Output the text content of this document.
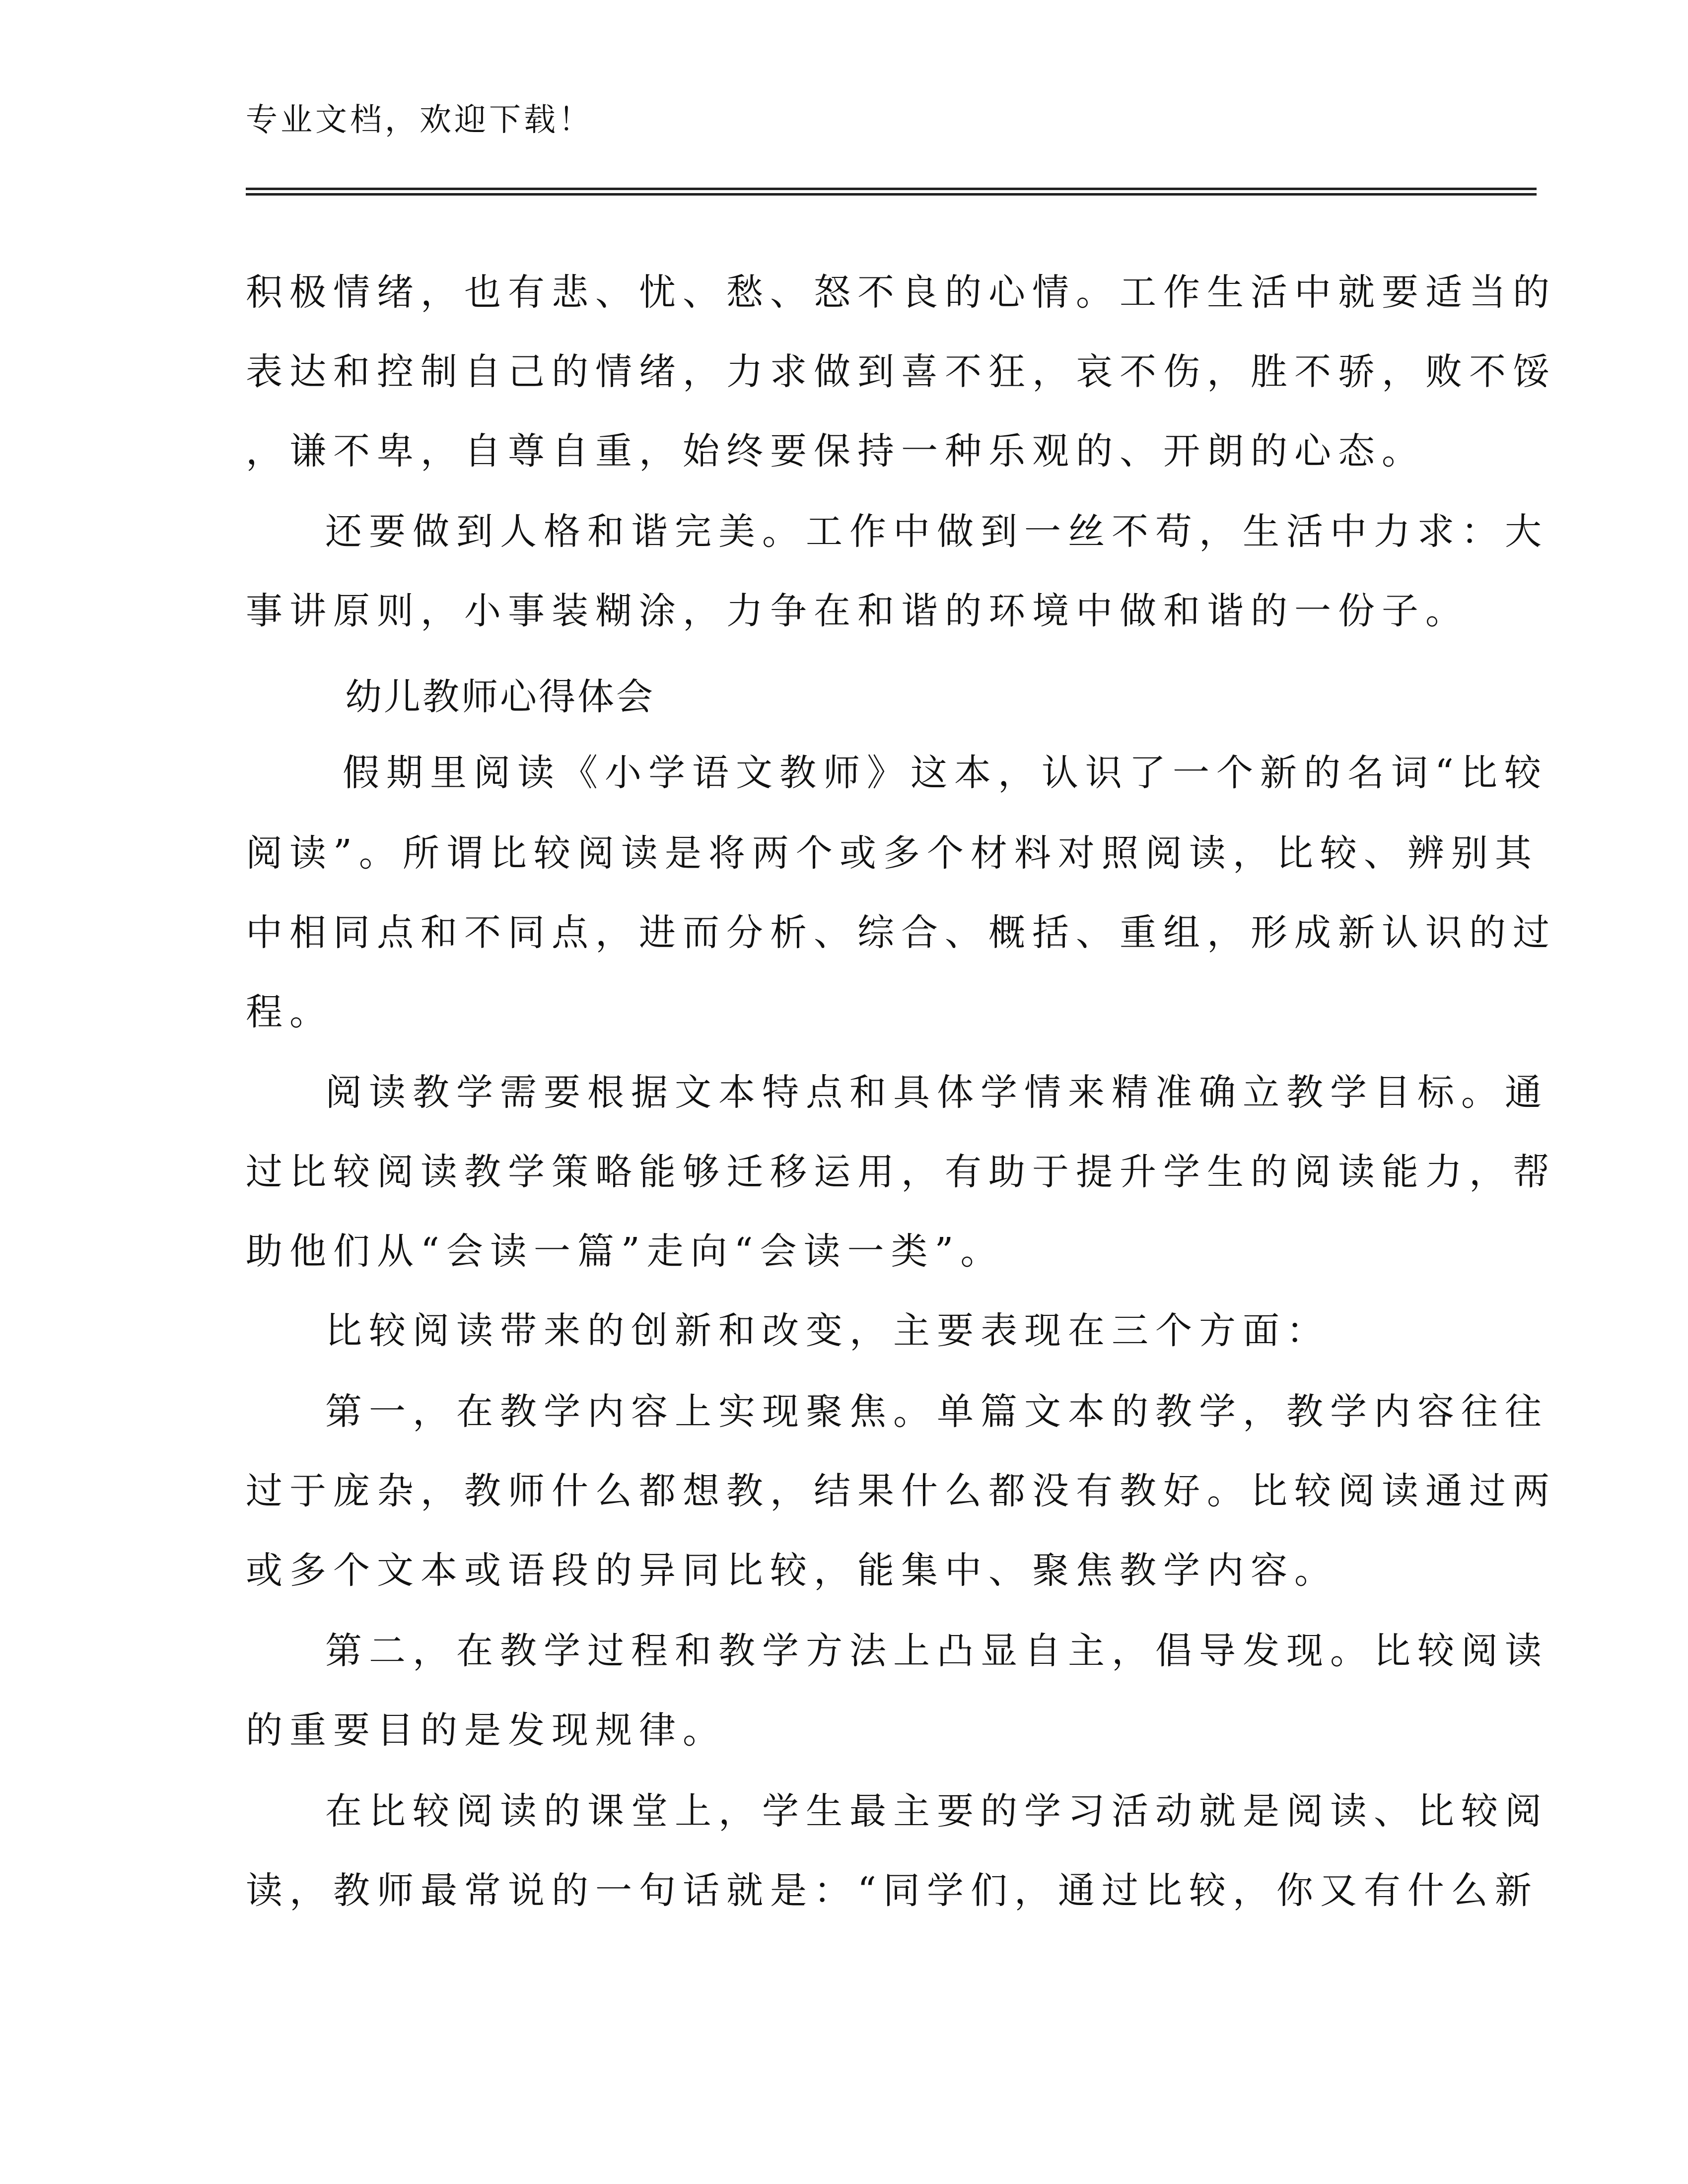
专业文档，欢迎下载！
积极情绪，也有悲、忧、愁、怒不良的心情。工作生活中就要适当的
表达和控制自己的情绪，力求做到喜不狂，哀不伤，胜不骄，败不馁
，谦不卑，自尊自重，始终要保持一种乐观的、开朗的心态。
还要做到人格和谐完美。工作中做到一丝不苟，生活中力求：大
事讲原则，小事装糊涂，力争在和谐的环境中做和谐的一份子。
幼儿教师心得体会
假期里阅读《小学语文教师》这本，认识了一个新的名词“比较
阅读”。所谓比较阅读是将两个或多个材料对照阅读，比较、辨别其
中相同点和不同点，进而分析、综合、概括、重组，形成新认识的过
程。
阅读教学需要根据文本特点和具体学情来精准确立教学目标。通
过比较阅读教学策略能够迁移运用，有助于提升学生的阅读能力，帮
助他们从“会读一篇”走向“会读一类”。
比较阅读带来的创新和改变，主要表现在三个方面：
第一，在教学内容上实现聚焦。单篇文本的教学，教学内容往往
过于庞杂，教师什么都想教，结果什么都没有教好。比较阅读通过两
或多个文本或语段的异同比较，能集中、聚焦教学内容。
第二，在教学过程和教学方法上凸显自主，倡导发现。比较阅读
的重要目的是发现规律。
在比较阅读的课堂上，学生最主要的学习活动就是阅读、比较阅
读，教师最常说的一句话就是：“同学们，通过比较，你又有什么新
